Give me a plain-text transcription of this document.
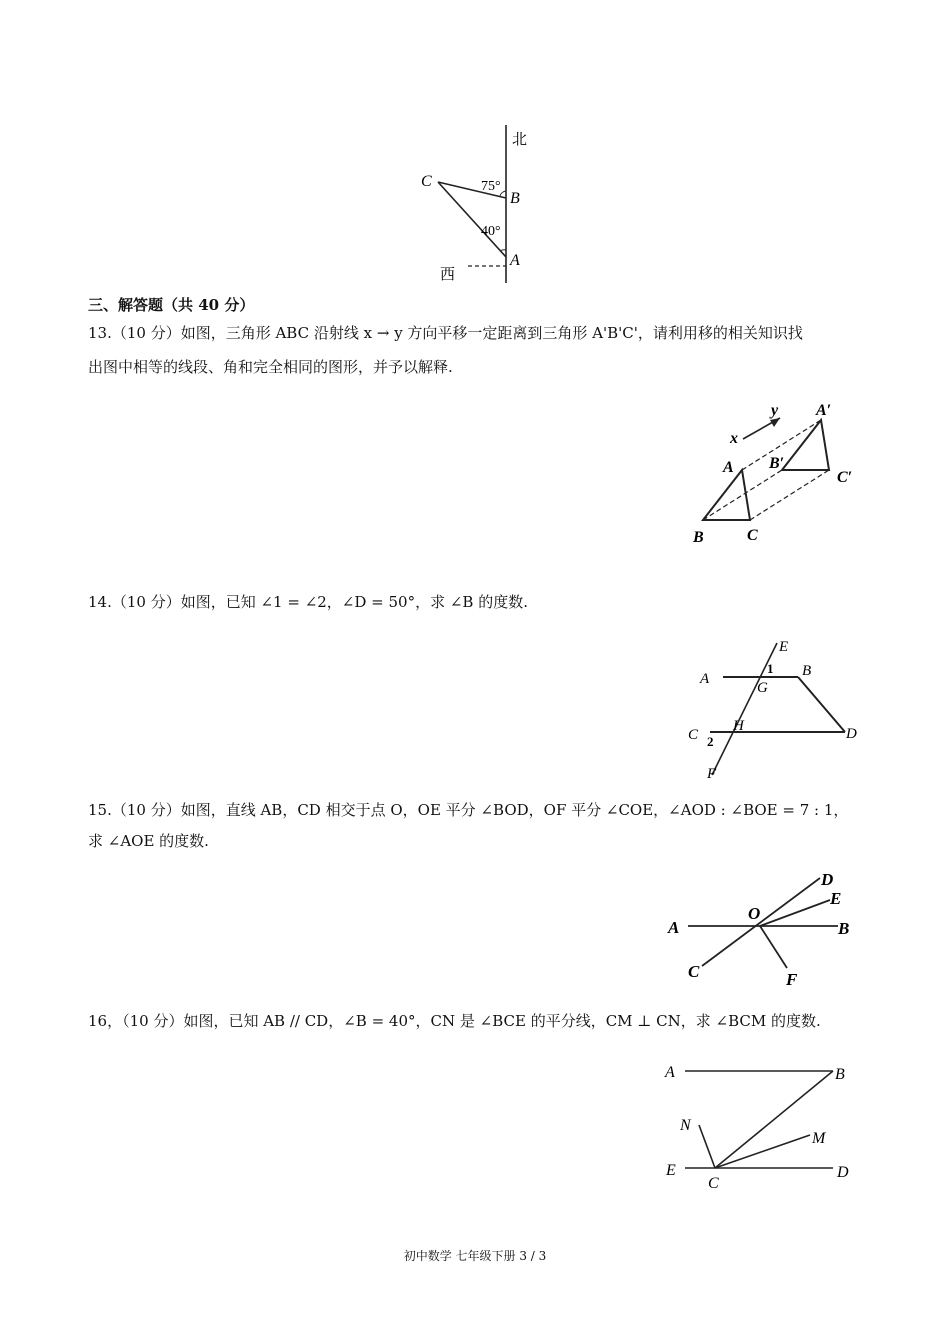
北
西
C
B
A
75°
40°
三、解答题（共 40 分）
13.（10 分）如图，三角形 ABC 沿射线 x → y 方向平移一定距离到三角形 A'B'C'，请利用移的相关知识找
出图中相等的线段、角和完全相同的图形，并予以解释.
x
y
A
B	C
A′
B′
C′
14.（10 分）如图，已知 ∠1 = ∠2，∠D = 50°，求 ∠B 的度数.
A	B
C	D
E
F
G
H
1
2
15.（10 分）如图，直线 AB，CD 相交于点 O，OE 平分 ∠BOD，OF 平分 ∠COE，∠AOD : ∠BOE = 7 : 1，
求 ∠AOE 的度数.
A	B
C
D
E
F
O
16，（10 分）如图，已知 AB // CD，∠B = 40°，CN 是 ∠BCE 的平分线，CM ⊥ CN，求 ∠BCM 的度数.
A	B
C
D
E
M
N
初中数学 七年级下册 3 / 3
